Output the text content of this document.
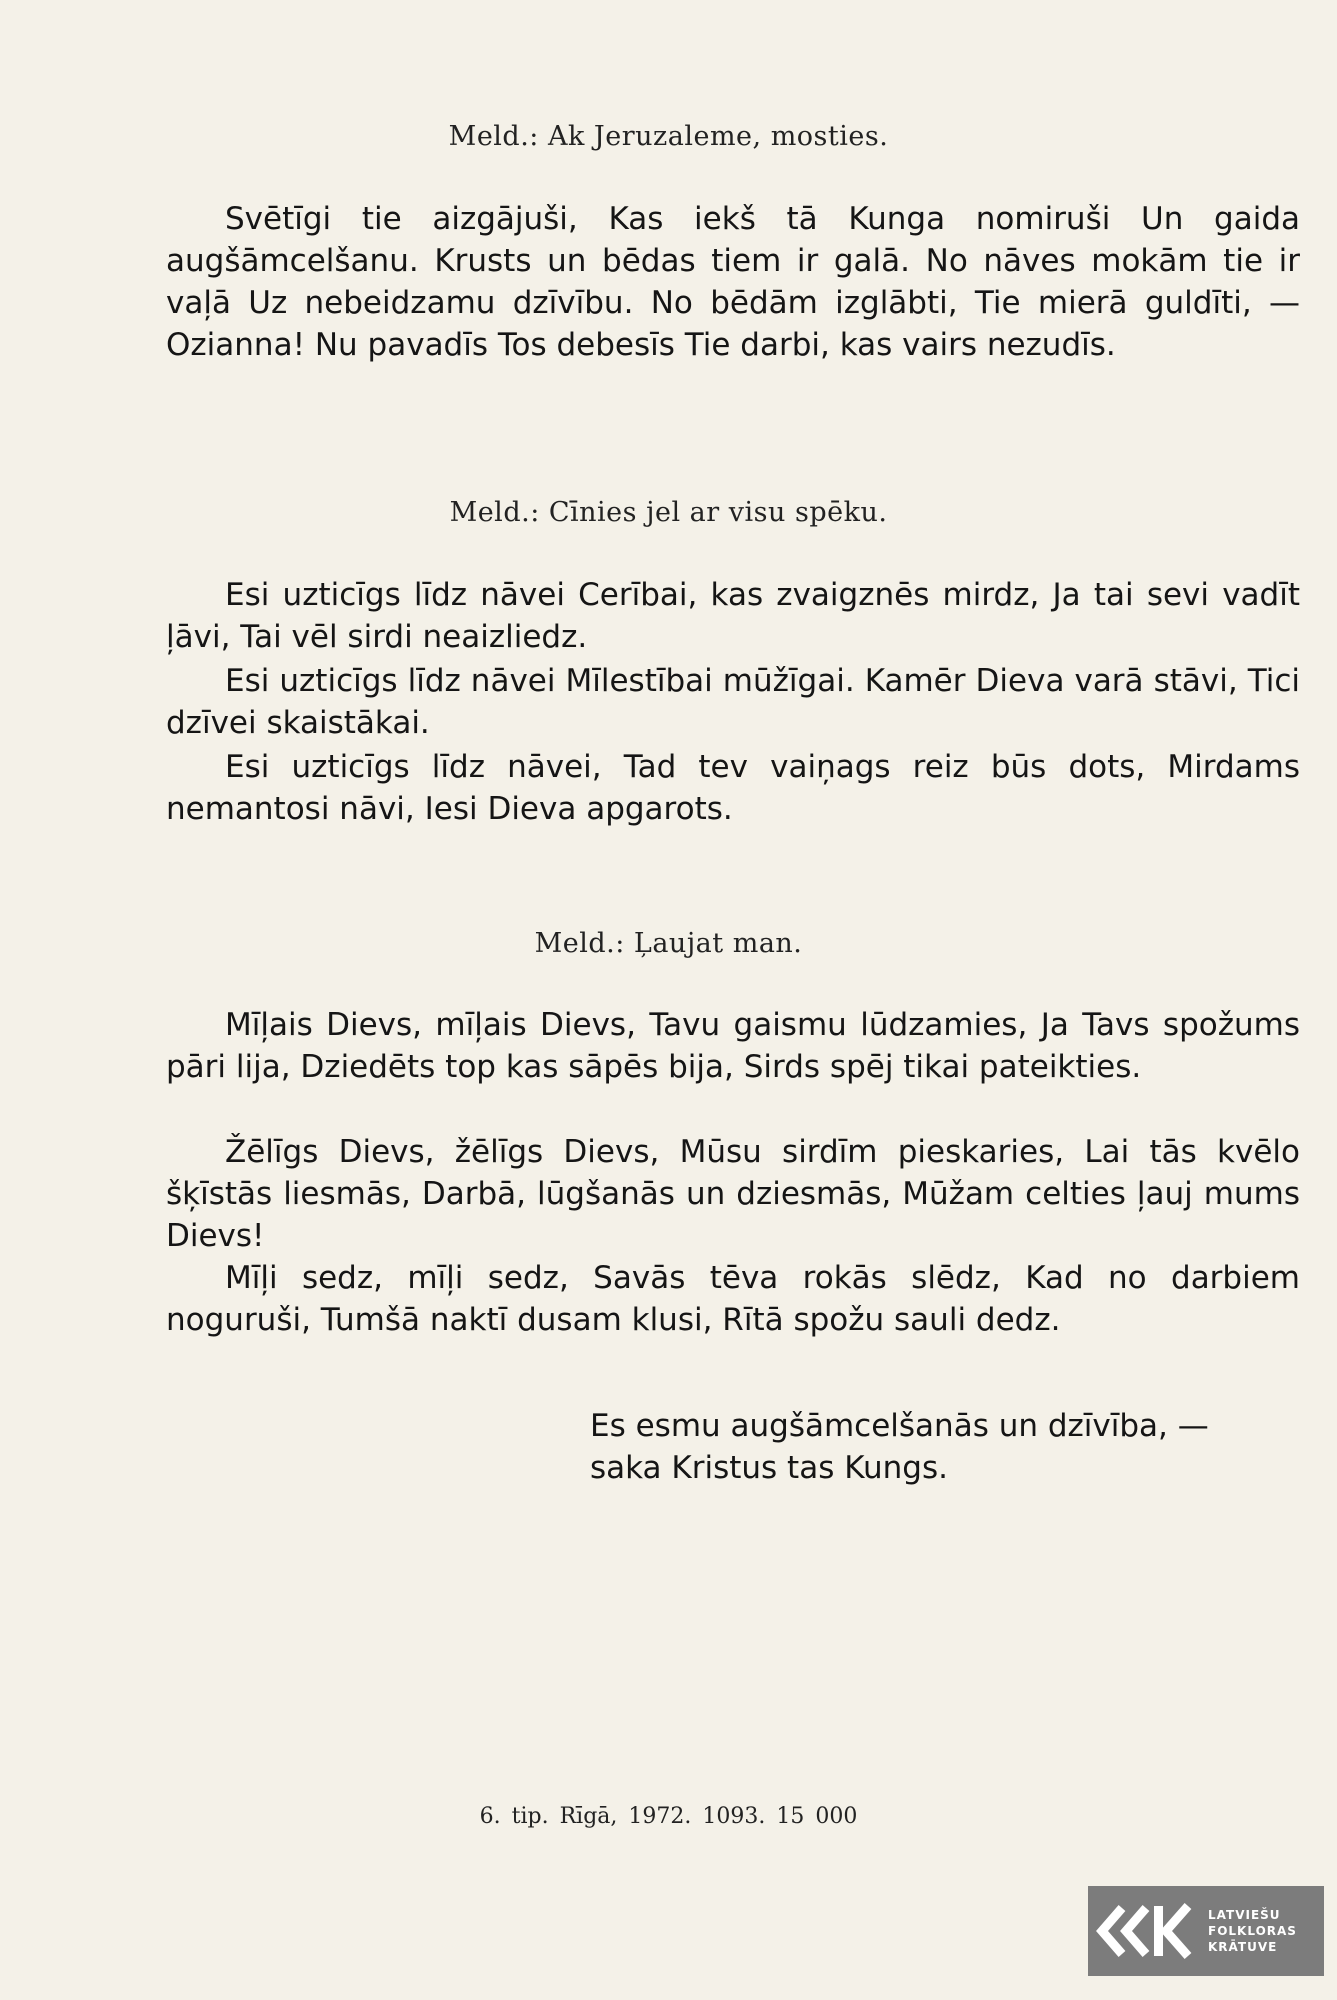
Meld.: Ak Jeruzaleme, mosties.

Svētīgi tie aizgājuši, Kas iekš tā Kunga nomiruši Un gaida augšāmcelšanu. Krusts un bēdas tiem ir galā. No nāves mokām tie ir vaļā Uz nebeidzamu dzīvību. No bēdām izglābti, Tie mierā guldīti, — Ozianna! Nu pavadīs Tos debesīs Tie darbi, kas vairs nezudīs.

Meld.: Cīnies jel ar visu spēku.

Esi uzticīgs līdz nāvei Cerībai, kas zvaigznēs mirdz, Ja tai sevi vadīt ļāvi, Tai vēl sirdi neaizliedz.

Esi uzticīgs līdz nāvei Mīlestībai mūžīgai. Kamēr Dieva varā stāvi, Tici dzīvei skaistākai.

Esi uzticīgs līdz nāvei, Tad tev vaiņags reiz būs dots, Mirdams nemantosi nāvi, Iesi Dieva apgarots.

Meld.: Ļaujat man.

Mīļais Dievs, mīļais Dievs, Tavu gaismu lūdzamies, Ja Tavs spožums pāri lija, Dziedēts top kas sāpēs bija, Sirds spēj tikai pateikties.

Žēlīgs Dievs, žēlīgs Dievs, Mūsu sirdīm pieskaries, Lai tās kvēlo šķīstās liesmās, Darbā, lūgšanās un dziesmās, Mūžam celties ļauj mums Dievs!

Mīļi sedz, mīļi sedz, Savās tēva rokās slēdz, Kad no darbiem noguruši, Tumšā naktī dusam klusi, Rītā spožu sauli dedz.

Es esmu augšāmcelšanās un dzīvība, —
saka Kristus tas Kungs.
6. tip. Rīgā, 1972. 1093. 15 000
LATVIEŠU
FOLKLORAS
KRĀTUVE
